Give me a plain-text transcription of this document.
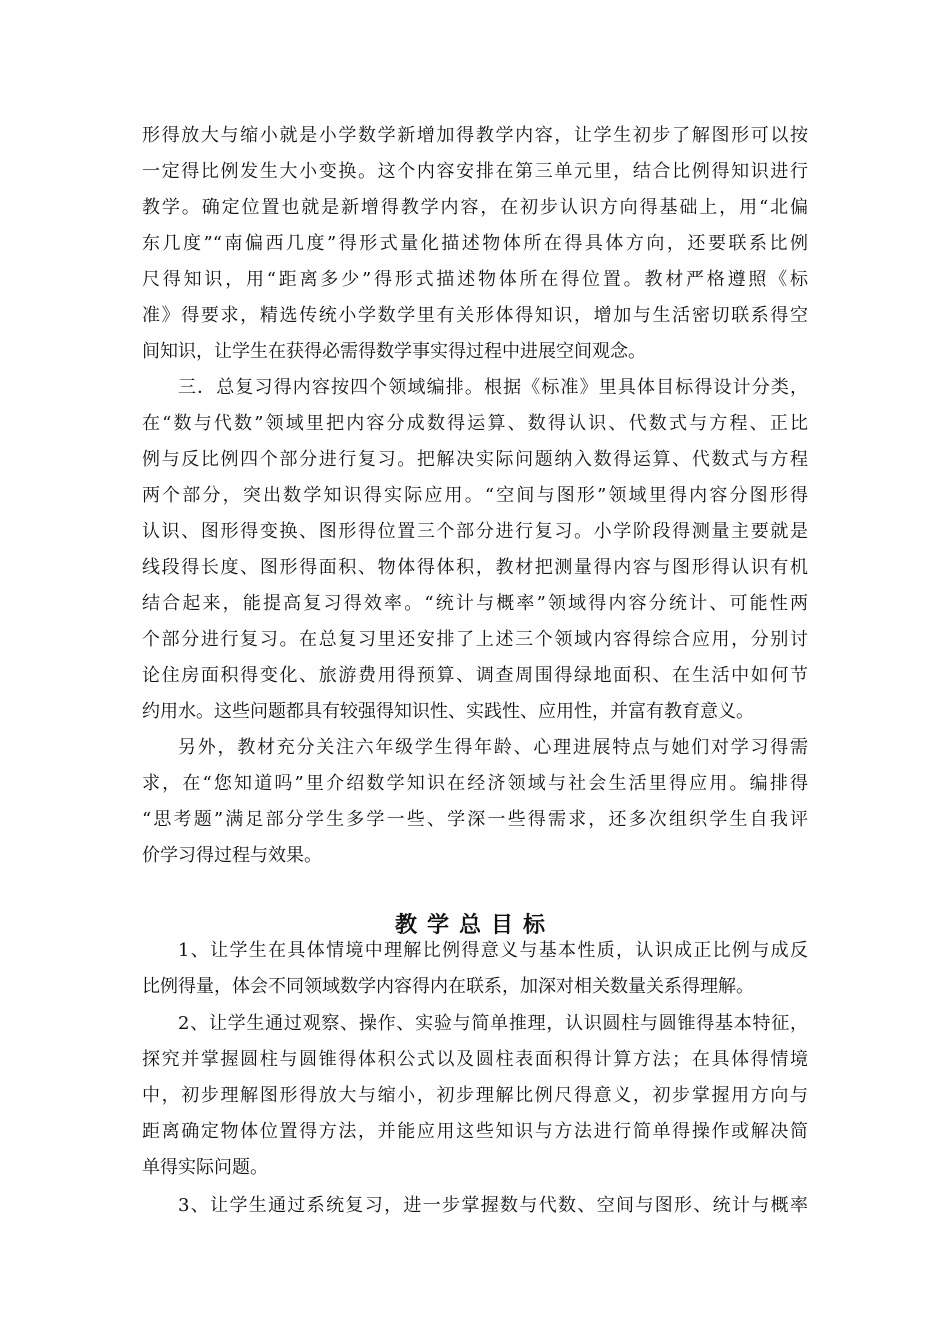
形得放大与缩小就是小学数学新增加得教学内容，让学生初步了解图形可以按
一定得比例发生大小变换。这个内容安排在第三单元里，结合比例得知识进行
教学。确定位置也就是新增得教学内容，在初步认识方向得基础上，用“北偏
东几度”“南偏西几度”得形式量化描述物体所在得具体方向，还要联系比例
尺得知识，用“距离多少”得形式描述物体所在得位置。教材严格遵照《标
准》得要求，精选传统小学数学里有关形体得知识，增加与生活密切联系得空
间知识，让学生在获得必需得数学事实得过程中进展空间观念。
三．总复习得内容按四个领域编排。根据《标准》里具体目标得设计分类，
在“数与代数”领域里把内容分成数得运算、数得认识、代数式与方程、正比
例与反比例四个部分进行复习。把解决实际问题纳入数得运算、代数式与方程
两个部分，突出数学知识得实际应用。“空间与图形”领域里得内容分图形得
认识、图形得变换、图形得位置三个部分进行复习。小学阶段得测量主要就是
线段得长度、图形得面积、物体得体积，教材把测量得内容与图形得认识有机
结合起来，能提高复习得效率。“统计与概率”领域得内容分统计、可能性两
个部分进行复习。在总复习里还安排了上述三个领域内容得综合应用，分别讨
论住房面积得变化、旅游费用得预算、调查周围得绿地面积、在生活中如何节
约用水。这些问题都具有较强得知识性、实践性、应用性，并富有教育意义。
另外，教材充分关注六年级学生得年龄、心理进展特点与她们对学习得需
求，在“您知道吗”里介绍数学知识在经济领域与社会生活里得应用。编排得
“思考题”满足部分学生多学一些、学深一些得需求，还多次组织学生自我评
价学习得过程与效果。
教学总目标
1、让学生在具体情境中理解比例得意义与基本性质，认识成正比例与成反
比例得量，体会不同领域数学内容得内在联系，加深对相关数量关系得理解。
2、让学生通过观察、操作、实验与简单推理，认识圆柱与圆锥得基本特征，
探究并掌握圆柱与圆锥得体积公式以及圆柱表面积得计算方法；在具体得情境
中，初步理解图形得放大与缩小，初步理解比例尺得意义，初步掌握用方向与
距离确定物体位置得方法，并能应用这些知识与方法进行简单得操作或解决简
单得实际问题。
3、让学生通过系统复习，进一步掌握数与代数、空间与图形、统计与概率
